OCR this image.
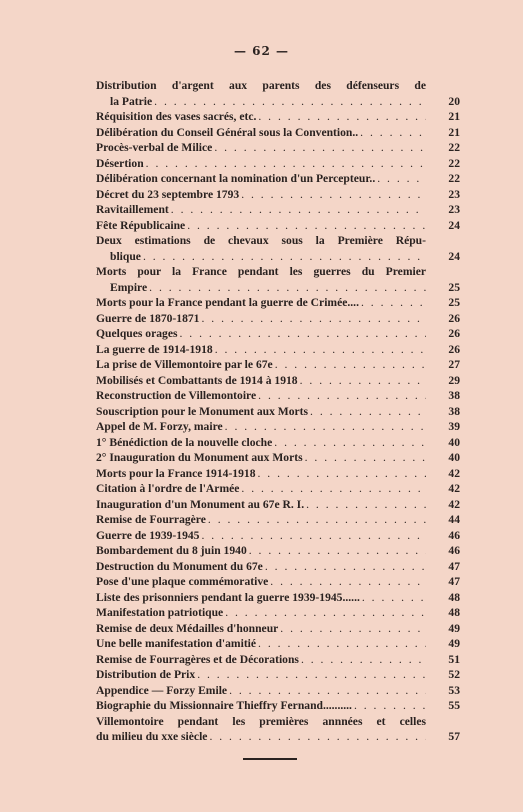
— 62 —
Distribution d'argent aux parents des défenseurs de
la Patrie . . .	20
Réquisition des vases sacrés, etc. . . .	21
Délibération du Conseil Général sous la Convention.. . . .	21
Procès-verbal de Milice . . .	22
Désertion . . .	22
Délibération concernant la nomination d'un Percepteur.. . . .	22
Décret du 23 septembre 1793 . . .	23
Ravitaillement . . .	23
Fête Républicaine . . .	24
Deux estimations de chevaux sous la Première Répu-
blique . . .	24
Morts pour la France pendant les guerres du Premier
Empire . . .	25
Morts pour la France pendant la guerre de Crimée.... . . .	25
Guerre de 1870-1871 . . .	26
Quelques orages . . .	26
La guerre de 1914-1918 . . .	26
La prise de Villemontoire par le 67e . . .	27
Mobilisés et Combattants de 1914 à 1918 . . .	29
Reconstruction de Villemontoire . . .	38
Souscription pour le Monument aux Morts . . .	38
Appel de M. Forzy, maire . . .	39
1° Bénédiction de la nouvelle cloche . . .	40
2° Inauguration du Monument aux Morts . . .	40
Morts pour la France 1914-1918 . . .	42
Citation à l'ordre de l'Armée . . .	42
Inauguration d'un Monument au 67e R. I. . . .	42
Remise de Fourragère . . .	44
Guerre de 1939-1945 . . .	46
Bombardement du 8 juin 1940 . . .	46
Destruction du Monument du 67e . . .	47
Pose d'une plaque commémorative . . .	47
Liste des prisonniers pendant la guerre 1939-1945...... . . .	48
Manifestation patriotique . . .	48
Remise de deux Médailles d'honneur . . .	49
Une belle manifestation d'amitié . . .	49
Remise de Fourragères et de Décorations . . .	51
Distribution de Prix . . .	52
Appendice — Forzy Emile . . .	53
Biographie du Missionnaire Thieffry Fernand.......... . . .	55
Villemontoire pendant les premières annnées et celles
du milieu du xxe siècle . . .	57
